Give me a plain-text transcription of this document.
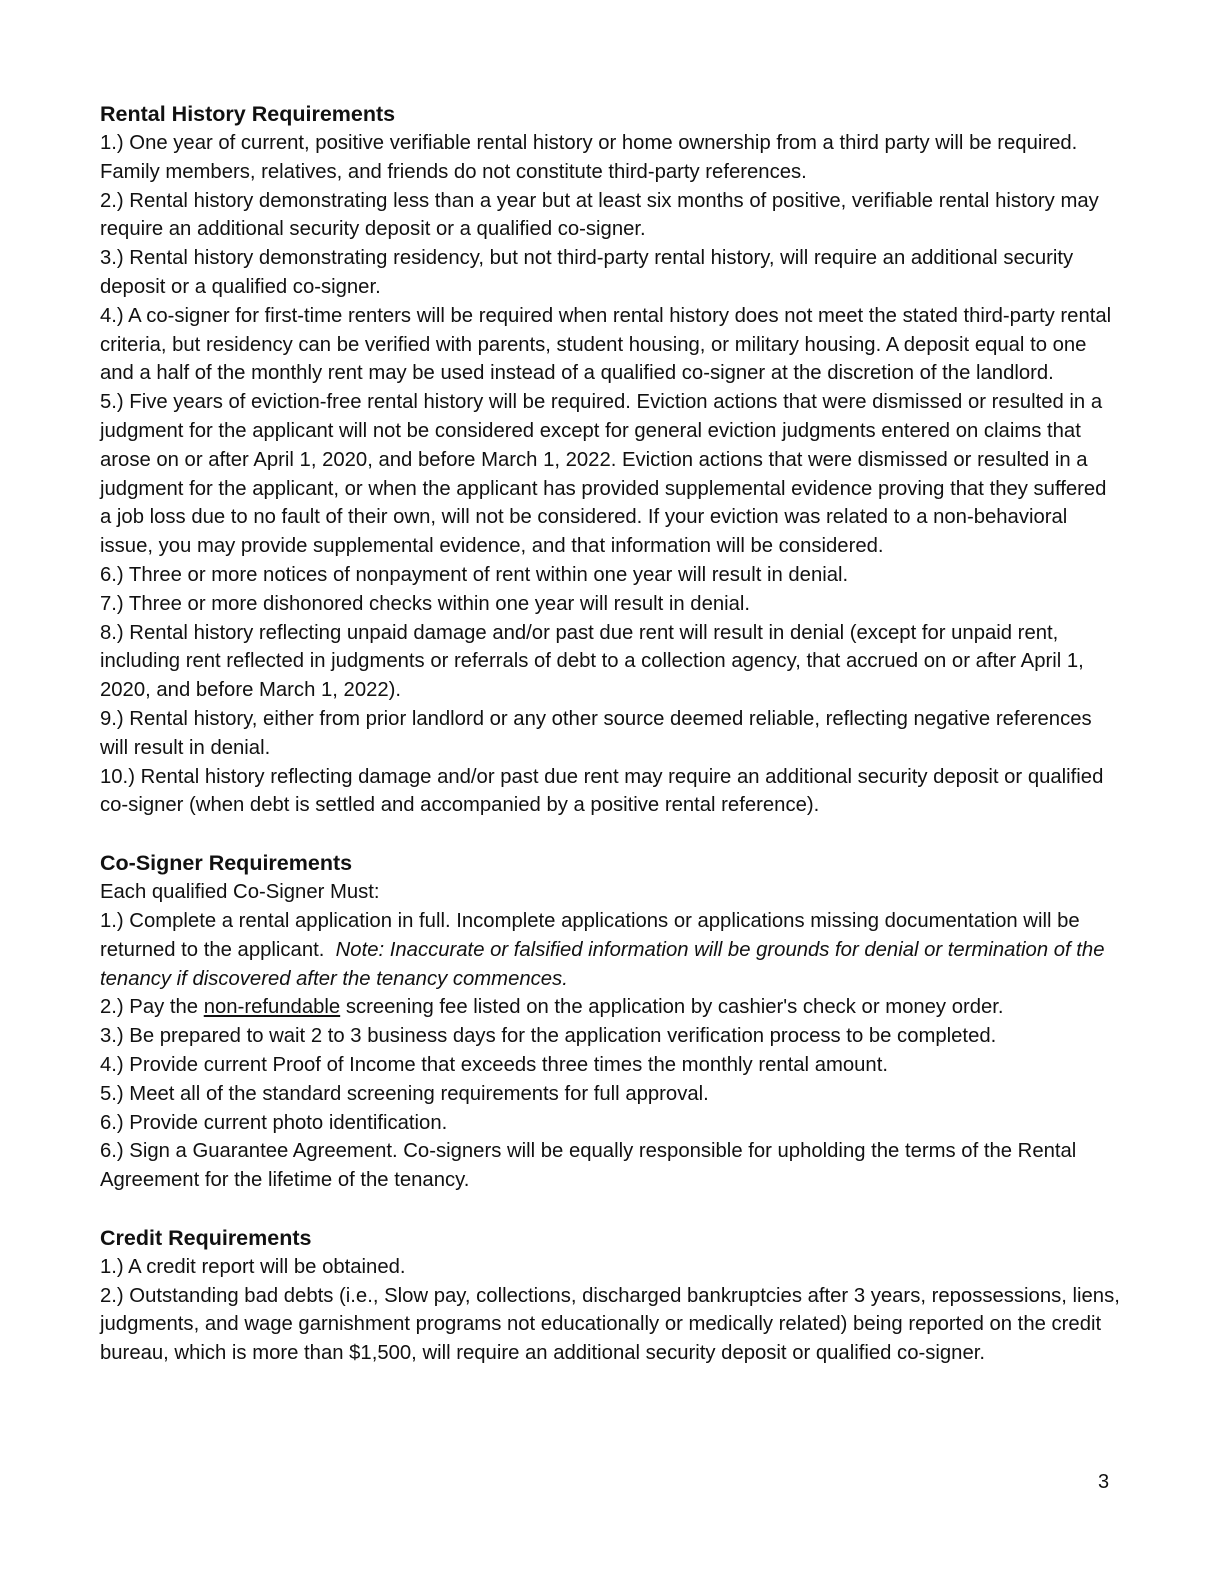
Rental History Requirements

1.) One year of current, positive verifiable rental history or home ownership from a third party will be required. Family members, relatives, and friends do not constitute third-party references.

2.) Rental history demonstrating less than a year but at least six months of positive, verifiable rental history may require an additional security deposit or a qualified co-signer.

3.) Rental history demonstrating residency, but not third-party rental history, will require an additional security deposit or a qualified co-signer.

4.) A co-signer for first-time renters will be required when rental history does not meet the stated third-party rental criteria, but residency can be verified with parents, student housing, or military housing. A deposit equal to one and a half of the monthly rent may be used instead of a qualified co-signer at the discretion of the landlord.

5.) Five years of eviction-free rental history will be required. Eviction actions that were dismissed or resulted in a judgment for the applicant will not be considered except for general eviction judgments entered on claims that arose on or after April 1, 2020, and before March 1, 2022. Eviction actions that were dismissed or resulted in a judgment for the applicant, or when the applicant has provided supplemental evidence proving that they suffered a job loss due to no fault of their own, will not be considered. If your eviction was related to a non-behavioral issue, you may provide supplemental evidence, and that information will be considered.

6.) Three or more notices of nonpayment of rent within one year will result in denial.

7.) Three or more dishonored checks within one year will result in denial.

8.) Rental history reflecting unpaid damage and/or past due rent will result in denial (except for unpaid rent, including rent reflected in judgments or referrals of debt to a collection agency, that accrued on or after April 1, 2020, and before March 1, 2022).

9.) Rental history, either from prior landlord or any other source deemed reliable, reflecting negative references will result in denial.

10.) Rental history reflecting damage and/or past due rent may require an additional security deposit or qualified co-signer (when debt is settled and accompanied by a positive rental reference).

Co-Signer Requirements

Each qualified Co-Signer Must:

1.) Complete a rental application in full. Incomplete applications or applications missing documentation will be returned to the applicant. Note: Inaccurate or falsified information will be grounds for denial or termination of the tenancy if discovered after the tenancy commences.

2.) Pay the non-refundable screening fee listed on the application by cashier's check or money order.

3.) Be prepared to wait 2 to 3 business days for the application verification process to be completed.

4.) Provide current Proof of Income that exceeds three times the monthly rental amount.

5.) Meet all of the standard screening requirements for full approval.

6.) Provide current photo identification.

6.) Sign a Guarantee Agreement. Co-signers will be equally responsible for upholding the terms of the Rental Agreement for the lifetime of the tenancy.

Credit Requirements

1.) A credit report will be obtained.

2.) Outstanding bad debts (i.e., Slow pay, collections, discharged bankruptcies after 3 years, repossessions, liens, judgments, and wage garnishment programs not educationally or medically related) being reported on the credit bureau, which is more than $1,500, will require an additional security deposit or qualified co-signer.

3
